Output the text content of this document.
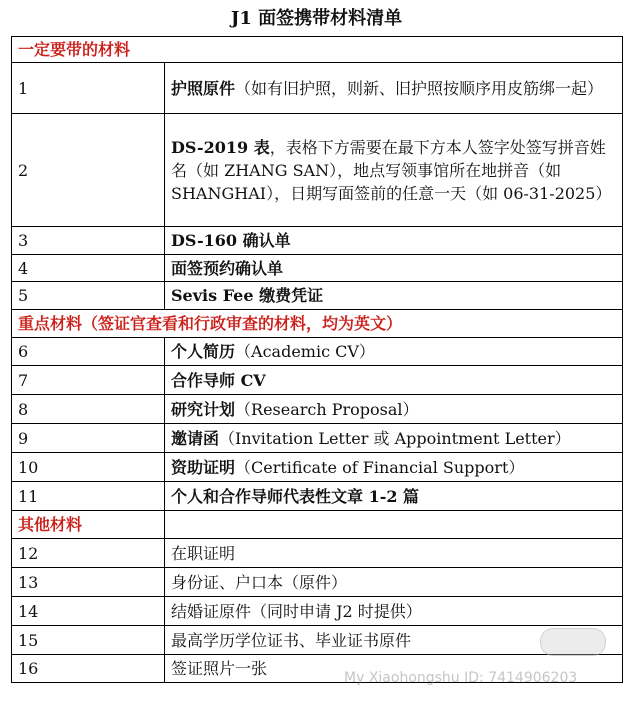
J1 面签携带材料清单
一定要带的材料	
1	护照原件（如有旧护照，则新、旧护照按顺序用皮筋绑一起）
2	DS-2019 表，表格下方需要在最下方本人签字处签写拼音姓名（如 ZHANG SAN），地点写领事馆所在地拼音（如 SHANGHAI），日期写面签前的任意一天（如 06-31-2025）
3	DS-160 确认单
4	面签预约确认单
5	Sevis Fee 缴费凭证
重点材料（签证官查看和行政审查的材料，均为英文）	
6	个人简历（Academic CV）
7	合作导师 CV
8	研究计划（Research Proposal）
9	邀请函（Invitation Letter 或 Appointment Letter）
10	资助证明（Certificate of Financial Support）
11	个人和合作导师代表性文章 1-2 篇
其他材料	
12	在职证明
13	身份证、户口本（原件）
14	结婚证原件（同时申请 J2 时提供）
15	最高学历学位证书、毕业证书原件
16	签证照片一张	My Xiaohongshu ID: 7414906203
